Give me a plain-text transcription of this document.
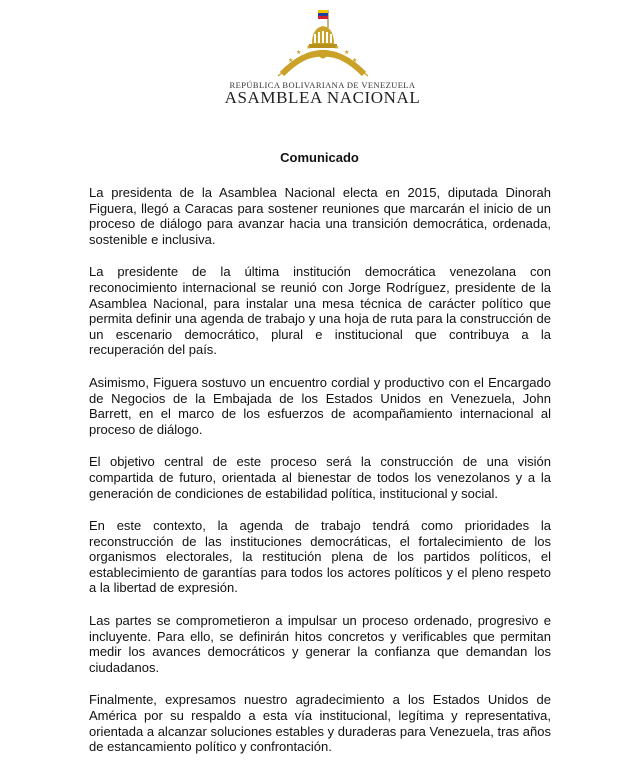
★
★
★	★
★
★
REPÚBLICA BOLIVARIANA DE VENEZUELA
ASAMBLEA NACIONAL
Comunicado

La presidenta de la Asamblea Nacional electa en 2015, diputada Dinorah Figuera, llegó a Caracas para sostener reuniones que marcarán el inicio de un proceso de diálogo para avanzar hacia una transición democrática, ordenada, sostenible e inclusiva.

La presidente de la última institución democrática venezolana con reconocimiento internacional se reunió con Jorge Rodríguez, presidente de la Asamblea Nacional, para instalar una mesa técnica de carácter político que permita definir una agenda de trabajo y una hoja de ruta para la construcción de un escenario democrático, plural e institucional que contribuya a la recuperación del país.

Asimismo, Figuera sostuvo un encuentro cordial y productivo con el Encargado de Negocios de la Embajada de los Estados Unidos en Venezuela, John Barrett, en el marco de los esfuerzos de acompañamiento internacional al proceso de diálogo.

El objetivo central de este proceso será la construcción de una visión compartida de futuro, orientada al bienestar de todos los venezolanos y a la generación de condiciones de estabilidad política, institucional y social.

En este contexto, la agenda de trabajo tendrá como prioridades la reconstrucción de las instituciones democráticas, el fortalecimiento de los organismos electorales, la restitución plena de los partidos políticos, el establecimiento de garantías para todos los actores políticos y el pleno respeto a la libertad de expresión.

Las partes se comprometieron a impulsar un proceso ordenado, progresivo e incluyente. Para ello, se definirán hitos concretos y verificables que permitan medir los avances democráticos y generar la confianza que demandan los ciudadanos.

Finalmente, expresamos nuestro agradecimiento a los Estados Unidos de América por su respaldo a esta vía institucional, legítima y representativa, orientada a alcanzar soluciones estables y duraderas para Venezuela, tras años de estancamiento político y confrontación.
